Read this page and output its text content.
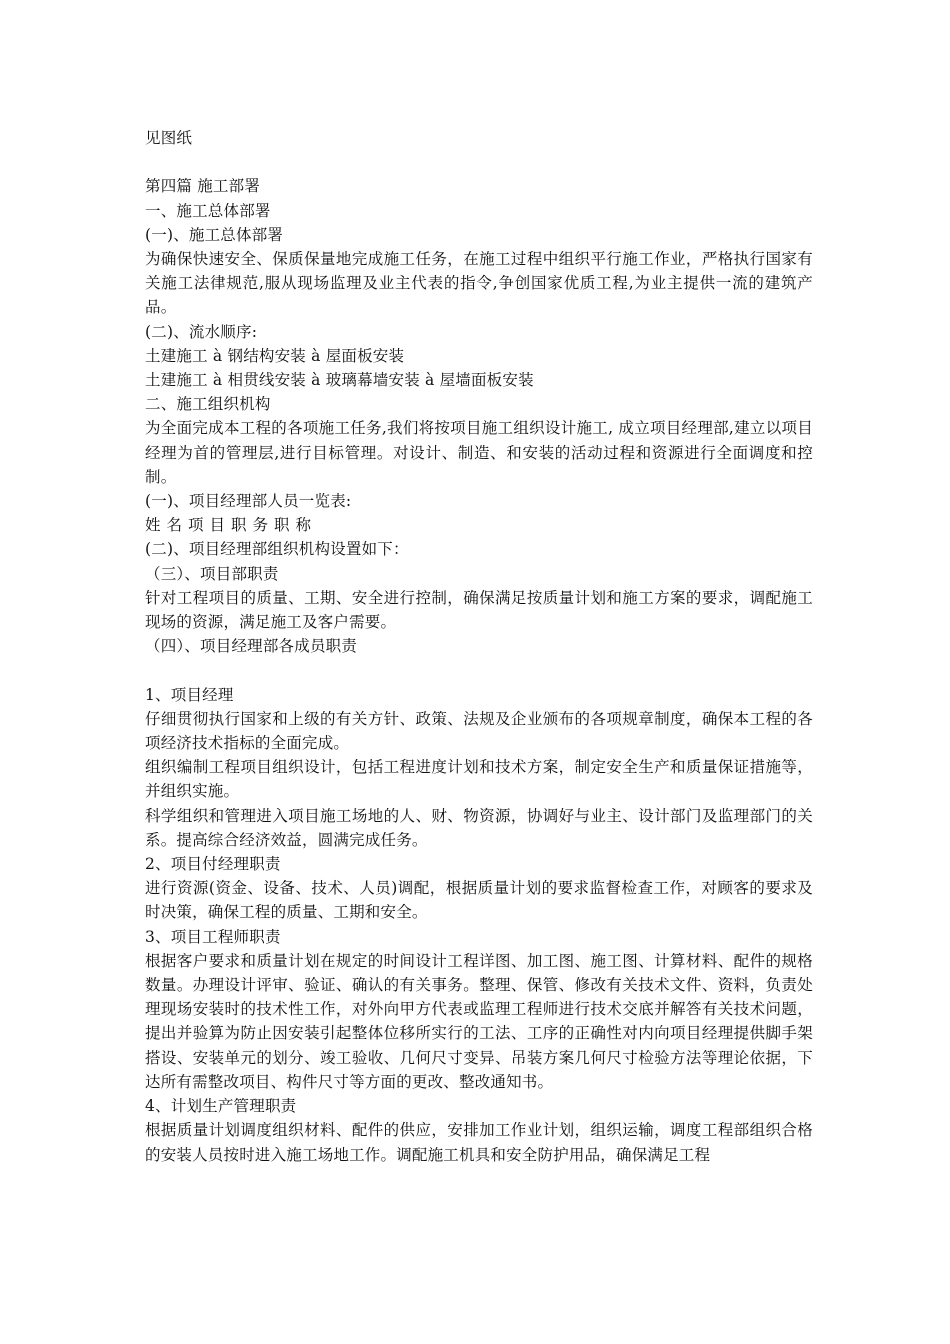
见图纸

第四篇 施工部署

一、施工总体部署

(一)、施工总体部署

为确保快速安全、保质保量地完成施工任务，在施工过程中组织平行施工作业，严格执行国家有关施工法律规范,服从现场监理及业主代表的指令,争创国家优质工程,为业主提供一流的建筑产品。

(二)、流水顺序:

土建施工 à 钢结构安装 à 屋面板安装

土建施工 à 相贯线安装 à 玻璃幕墙安装 à 屋墙面板安装

二、施工组织机构

为全面完成本工程的各项施工任务,我们将按项目施工组织设计施工, 成立项目经理部,建立以项目经理为首的管理层,进行目标管理。对设计、制造、和安装的活动过程和资源进行全面调度和控制。

(一)、项目经理部人员一览表:

姓名项目职务职称

(二)、项目经理部组织机构设置如下：

（三）、项目部职责

针对工程项目的质量、工期、安全进行控制，确保满足按质量计划和施工方案的要求，调配施工现场的资源，满足施工及客户需要。

（四）、项目经理部各成员职责

1、项目经理

仔细贯彻执行国家和上级的有关方针、政策、法规及企业颁布的各项规章制度，确保本工程的各项经济技术指标的全面完成。

组织编制工程项目组织设计，包括工程进度计划和技术方案，制定安全生产和质量保证措施等，并组织实施。

科学组织和管理进入项目施工场地的人、财、物资源，协调好与业主、设计部门及监理部门的关系。提高综合经济效益，圆满完成任务。

2、项目付经理职责

进行资源(资金、设备、技术、人员)调配，根据质量计划的要求监督检查工作，对顾客的要求及时决策，确保工程的质量、工期和安全。

3、项目工程师职责

根据客户要求和质量计划在规定的时间设计工程详图、加工图、施工图、计算材料、配件的规格数量。办理设计评审、验证、确认的有关事务。整理、保管、修改有关技术文件、资料，负责处理现场安装时的技术性工作，对外向甲方代表或监理工程师进行技术交底并解答有关技术问题，提出并验算为防止因安装引起整体位移所实行的工法、工序的正确性对内向项目经理提供脚手架搭设、安装单元的划分、竣工验收、几何尺寸变异、吊装方案几何尺寸检验方法等理论依据，下达所有需整改项目、构件尺寸等方面的更改、整改通知书。

4、计划生产管理职责

根据质量计划调度组织材料、配件的供应，安排加工作业计划，组织运输，调度工程部组织合格的安装人员按时进入施工场地工作。调配施工机具和安全防护用品，确保满足工程
